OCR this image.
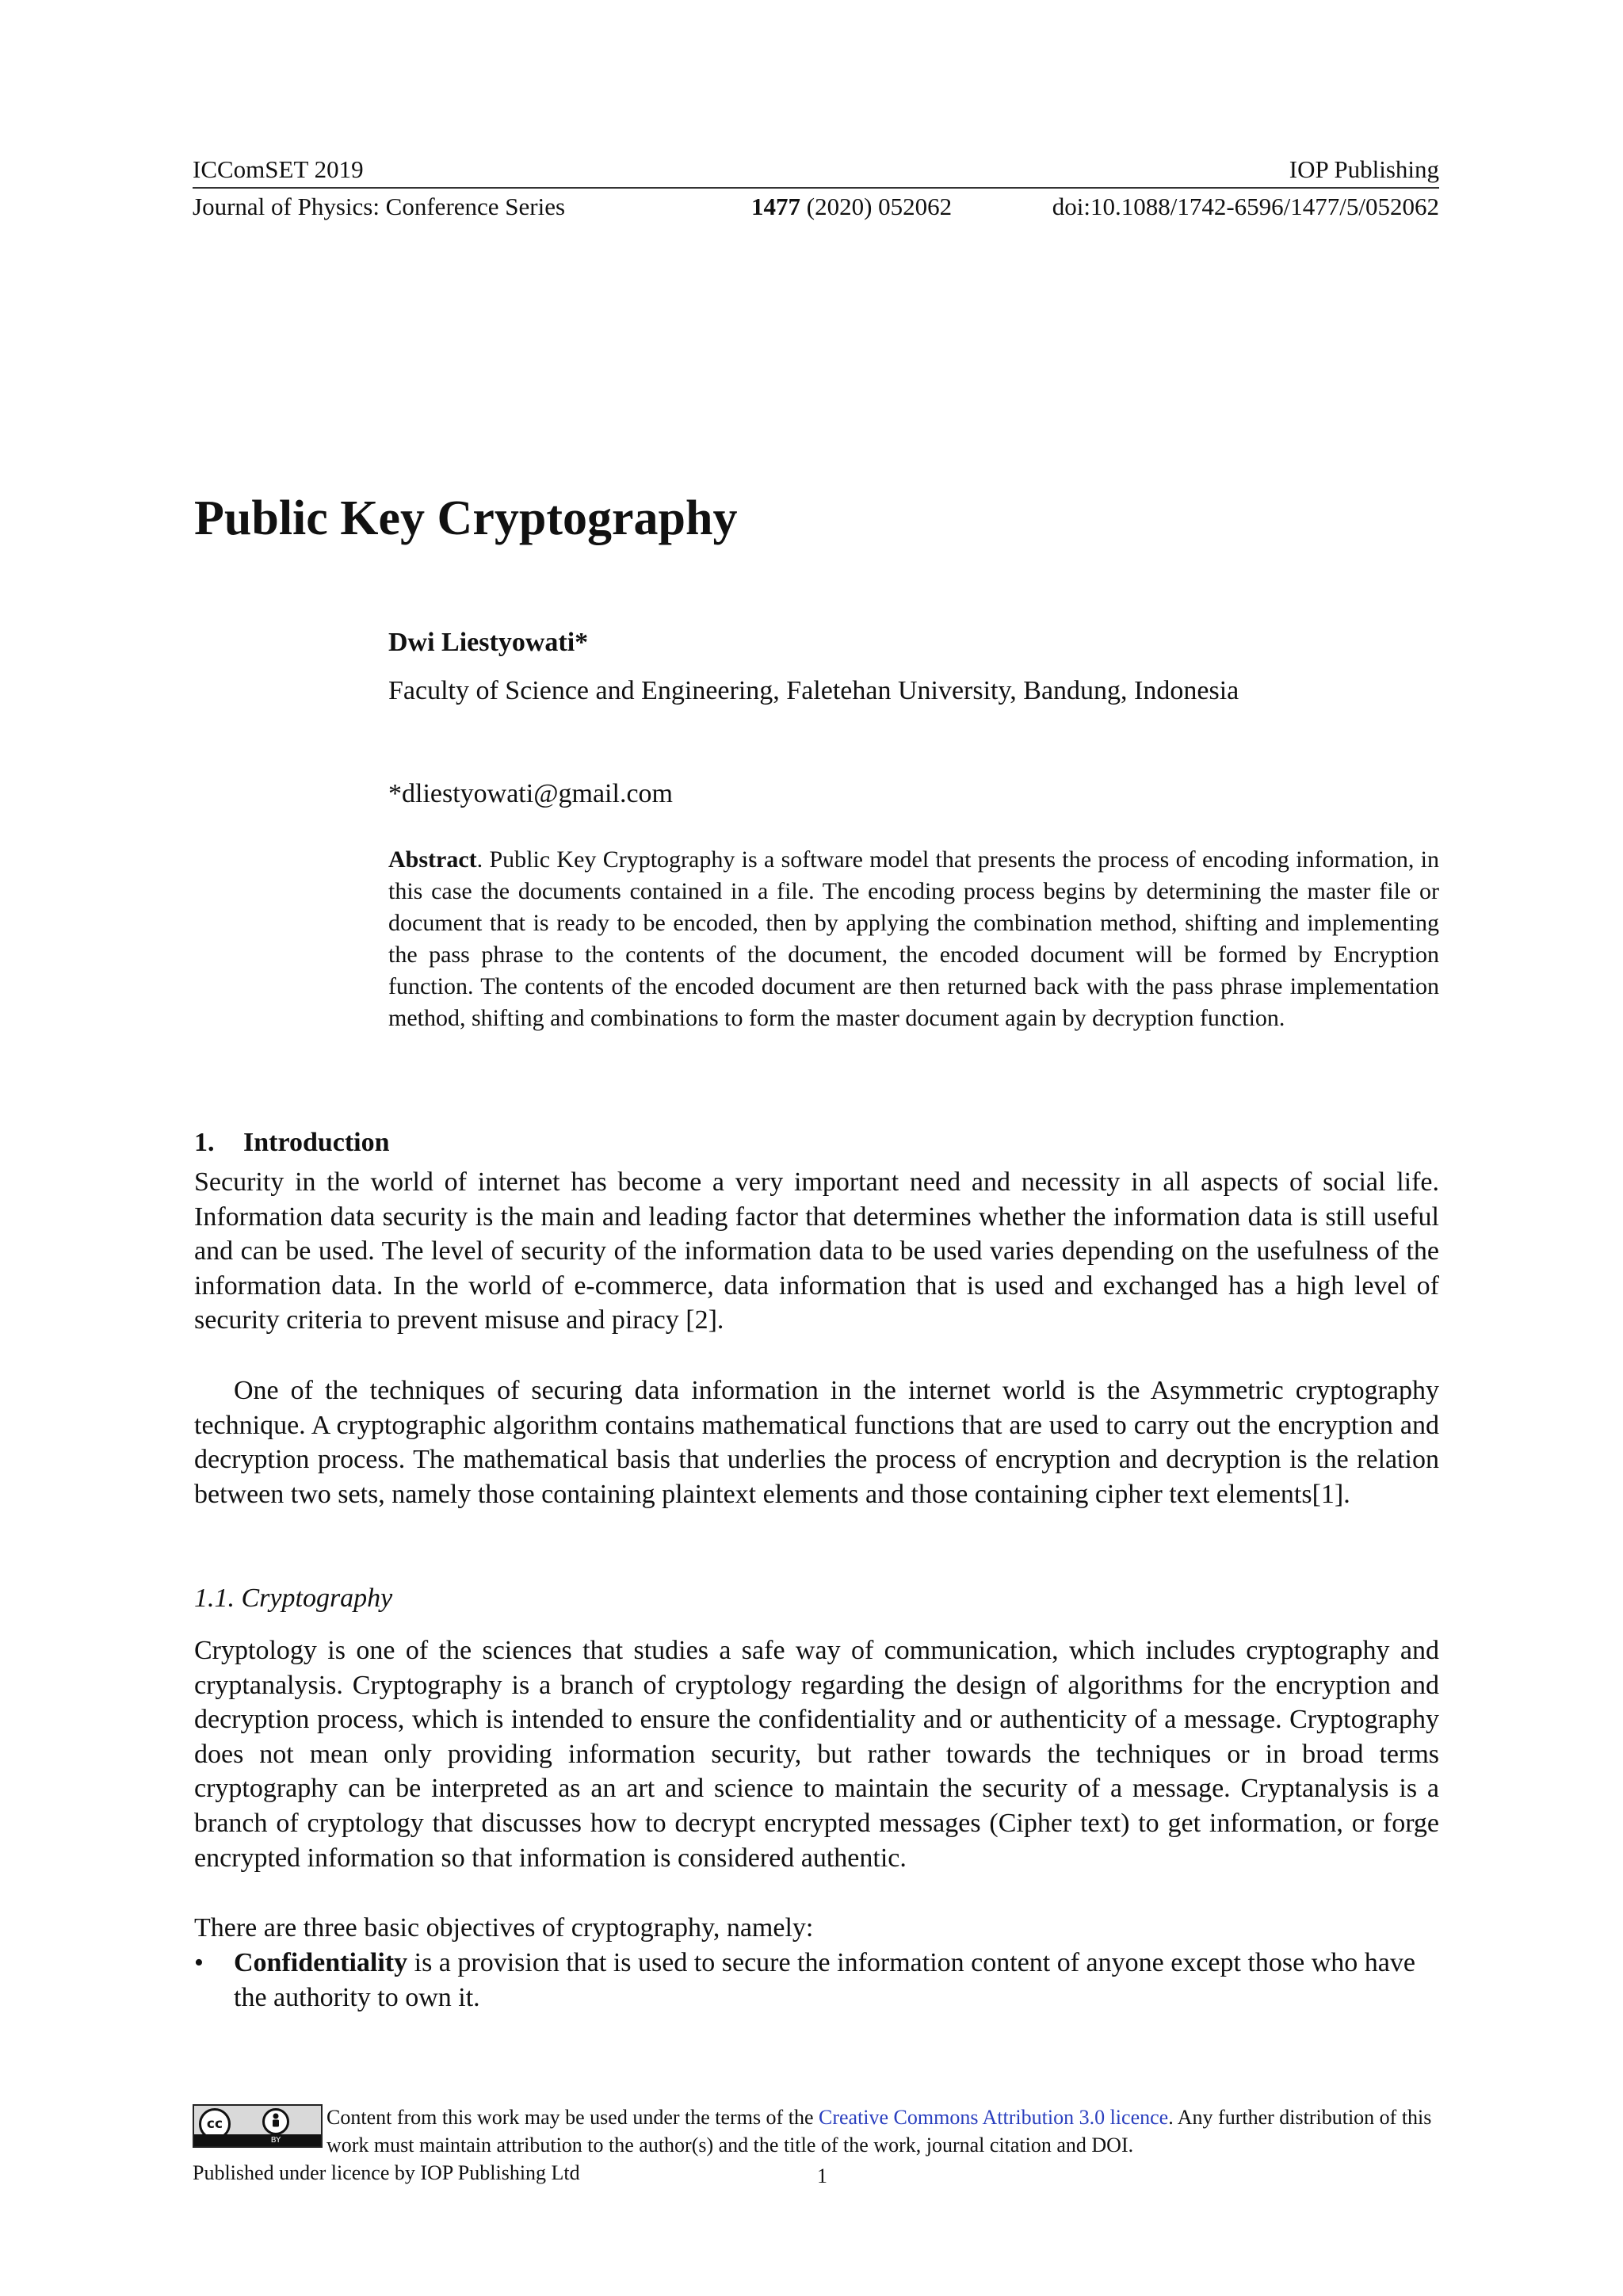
ICComSET 2019	IOP Publishing
Journal of Physics: Conference Series	1477 (2020) 052062	doi:10.1088/1742-6596/1477/5/052062
Public Key Cryptography
Dwi Liestyowati*
Faculty of Science and Engineering, Faletehan University, Bandung, Indonesia
*dliestyowati@gmail.com

Abstract. Public Key Cryptography is a software model that presents the process of encoding information, in this case the documents contained in a file. The encoding process begins by determining the master file or document that is ready to be encoded, then by applying the combination method, shifting and implementing the pass phrase to the contents of the document, the encoded document will be formed by Encryption function. The contents of the encoded document are then returned back with the pass phrase implementation method, shifting and combinations to form the master document again by decryption function.

1. Introduction

Security in the world of internet has become a very important need and necessity in all aspects of social life. Information data security is the main and leading factor that determines whether the information data is still useful and can be used. The level of security of the information data to be used varies depending on the usefulness of the information data. In the world of e-commerce, data information that is used and exchanged has a high level of security criteria to prevent misuse and piracy [2].

One of the techniques of securing data information in the internet world is the Asymmetric cryptography technique. A cryptographic algorithm contains mathematical functions that are used to carry out the encryption and decryption process. The mathematical basis that underlies the process of encryption and decryption is the relation between two sets, namely those containing plaintext elements and those containing cipher text elements[1].

1.1. Cryptography

Cryptology is one of the sciences that studies a safe way of communication, which includes cryptography and cryptanalysis. Cryptography is a branch of cryptology regarding the design of algorithms for the encryption and decryption process, which is intended to ensure the confidentiality and or authenticity of a message. Cryptography does not mean only providing information security, but rather towards the techniques or in broad terms cryptography can be interpreted as an art and science to maintain the security of a message. Cryptanalysis is a branch of cryptology that discusses how to decrypt encrypted messages (Cipher text) to get information, or forge encrypted information so that information is considered authentic.

There are three basic objectives of cryptography, namely:

•	Confidentiality is a provision that is used to secure the information content of anyone except those who have the authority to own it.
cc
BY
Content from this work may be used under the terms of the Creative Commons Attribution 3.0 licence. Any further distribution of this work must maintain attribution to the author(s) and the title of the work, journal citation and DOI.
Published under licence by IOP Publishing Ltd	1
